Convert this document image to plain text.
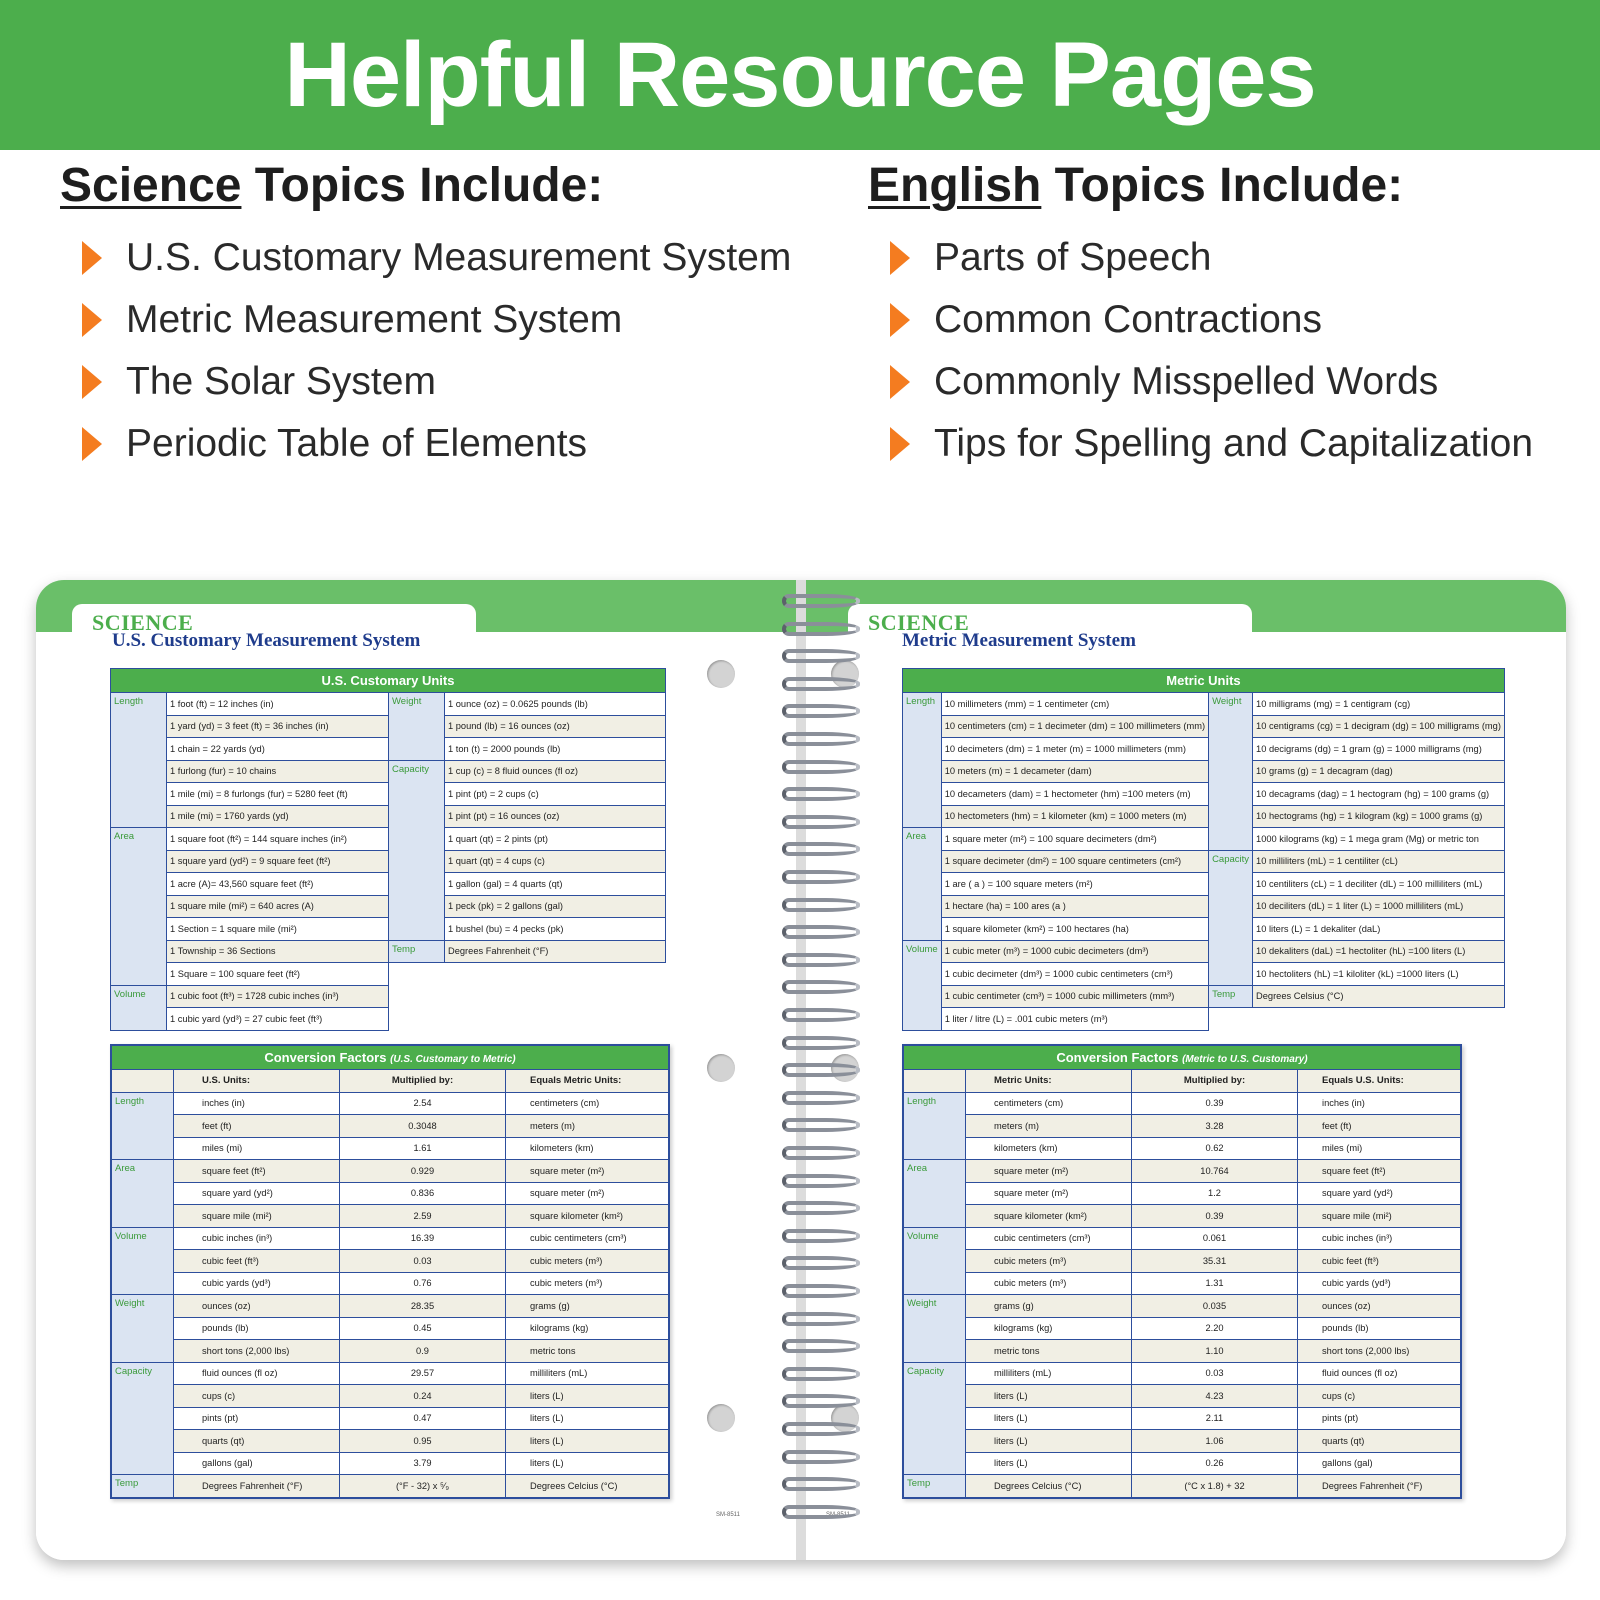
Helpful Resource Pages
Science Topics Include:
U.S. Customary Measurement System
Metric Measurement System
The Solar System
Periodic Table of Elements
English Topics Include:
Parts of Speech
Common Contractions
Commonly Misspelled Words
Tips for Spelling and Capitalization
SCIENCE
U.S. Customary Measurement System
U.S. Customary Units			
Length	1 foot (ft) = 12 inches (in)	Weight	1 ounce (oz) = 0.0625 pounds (lb)
	1 yard (yd) = 3 feet (ft) = 36 inches (in)		1 pound (lb) = 16 ounces (oz)
	1 chain = 22 yards (yd)		1 ton (t) = 2000 pounds (lb)
	1 furlong (fur) = 10 chains	Capacity	1 cup (c) = 8 fluid ounces (fl oz)
	1 mile (mi) = 8 furlongs (fur) = 5280 feet (ft)		1 pint (pt) = 2 cups (c)
	1 mile (mi) = 1760 yards (yd)		1 pint (pt) = 16 ounces (oz)
Area	1 square foot (ft²) = 144 square inches (in²)		1 quart (qt) = 2 pints (pt)
	1 square yard (yd²) = 9 square feet (ft²)		1 quart (qt) = 4 cups (c)
	1 acre (A)= 43,560 square feet (ft²)		1 gallon (gal) = 4 quarts (qt)
	1 square mile (mi²) = 640 acres (A)		1 peck (pk) = 2 gallons (gal)
	1 Section = 1 square mile (mi²)		1 bushel (bu) = 4 pecks (pk)
	1 Township = 36 Sections	Temp	Degrees Fahrenheit (°F)
	1 Square = 100 square feet (ft²)		
Volume	1 cubic foot (ft³) = 1728 cubic inches (in³)		
	1 cubic yard (yd³) = 27 cubic feet (ft³)		
Conversion Factors (U.S. Customary to Metric)			
	U.S. Units:	Multiplied by:	Equals Metric Units:
Length	inches (in)	2.54	centimeters (cm)
	feet (ft)	0.3048	meters (m)
	miles (mi)	1.61	kilometers (km)
Area	square feet (ft²)	0.929	square meter (m²)
	square yard (yd²)	0.836	square meter (m²)
	square mile (mi²)	2.59	square kilometer (km²)
Volume	cubic inches (in³)	16.39	cubic centimeters (cm³)
	cubic feet (ft³)	0.03	cubic meters (m³)
	cubic yards (yd³)	0.76	cubic meters (m³)
Weight	ounces (oz)	28.35	grams (g)
	pounds (lb)	0.45	kilograms (kg)
	short tons (2,000 lbs)	0.9	metric tons
Capacity	fluid ounces (fl oz)	29.57	milliliters (mL)
	cups (c)	0.24	liters (L)
	pints (pt)	0.47	liters (L)
	quarts (qt)	0.95	liters (L)
	gallons (gal)	3.79	liters (L)
Temp	Degrees Fahrenheit (°F)	(°F - 32) x ⁵⁄₉	Degrees Celcius (°C)
SM-8511
SCIENCE
Metric Measurement System
Metric Units			
Length	10 millimeters (mm) = 1 centimeter (cm)	Weight	10 milligrams (mg) = 1 centigram (cg)
	10 centimeters (cm) = 1 decimeter (dm) = 100 millimeters (mm)		10 centigrams (cg) = 1 decigram (dg) = 100 milligrams (mg)
	10 decimeters (dm) = 1 meter (m) = 1000 millimeters (mm)		10 decigrams (dg) = 1 gram (g) = 1000 milligrams (mg)
	10 meters (m) = 1 decameter (dam)		10 grams (g) = 1 decagram (dag)
	10 decameters (dam) = 1 hectometer (hm) =100 meters (m)		10 decagrams (dag) = 1 hectogram (hg) = 100 grams (g)
	10 hectometers (hm) = 1 kilometer (km) = 1000 meters (m)		10 hectograms (hg) = 1 kilogram (kg) = 1000 grams (g)
Area	1 square meter (m²) = 100 square decimeters (dm²)		1000 kilograms (kg) = 1 mega gram (Mg) or metric ton
	1 square decimeter (dm²) = 100 square centimeters (cm²)	Capacity	10 milliliters (mL) = 1 centiliter (cL)
	1 are ( a ) = 100 square meters (m²)		10 centiliters (cL) = 1 deciliter (dL) = 100 milliliters (mL)
	1 hectare (ha) = 100 ares (a )		10 deciliters (dL) = 1 liter (L) = 1000 milliliters (mL)
	1 square kilometer (km²) = 100 hectares (ha)		10 liters (L) = 1 dekaliter (daL)
Volume	1 cubic meter (m³) = 1000 cubic decimeters (dm³)		10 dekaliters (daL) =1 hectoliter (hL) =100 liters (L)
	1 cubic decimeter (dm³) = 1000 cubic centimeters (cm³)		10 hectoliters (hL) =1 kiloliter (kL) =1000 liters (L)
	1 cubic centimeter (cm³) = 1000 cubic millimeters (mm³)	Temp	Degrees Celsius (°C)
	1 liter / litre (L) = .001 cubic meters (m³)		
Conversion Factors (Metric to U.S. Customary)			
	Metric Units:	Multiplied by:	Equals U.S. Units:
Length	centimeters (cm)	0.39	inches (in)
	meters (m)	3.28	feet (ft)
	kilometers (km)	0.62	miles (mi)
Area	square meter (m²)	10.764	square feet (ft²)
	square meter (m²)	1.2	square yard (yd²)
	square kilometer (km²)	0.39	square mile (mi²)
Volume	cubic centimeters (cm³)	0.061	cubic inches (in³)
	cubic meters (m³)	35.31	cubic feet (ft³)
	cubic meters (m³)	1.31	cubic yards (yd³)
Weight	grams (g)	0.035	ounces (oz)
	kilograms (kg)	2.20	pounds (lb)
	metric tons	1.10	short tons (2,000 lbs)
Capacity	milliliters (mL)	0.03	fluid ounces (fl oz)
	liters (L)	4.23	cups (c)
	liters (L)	2.11	pints (pt)
	liters (L)	1.06	quarts (qt)
	liters (L)	0.26	gallons (gal)
Temp	Degrees Celcius (°C)	(°C x 1.8) + 32	Degrees Fahrenheit (°F)
SM-8511
